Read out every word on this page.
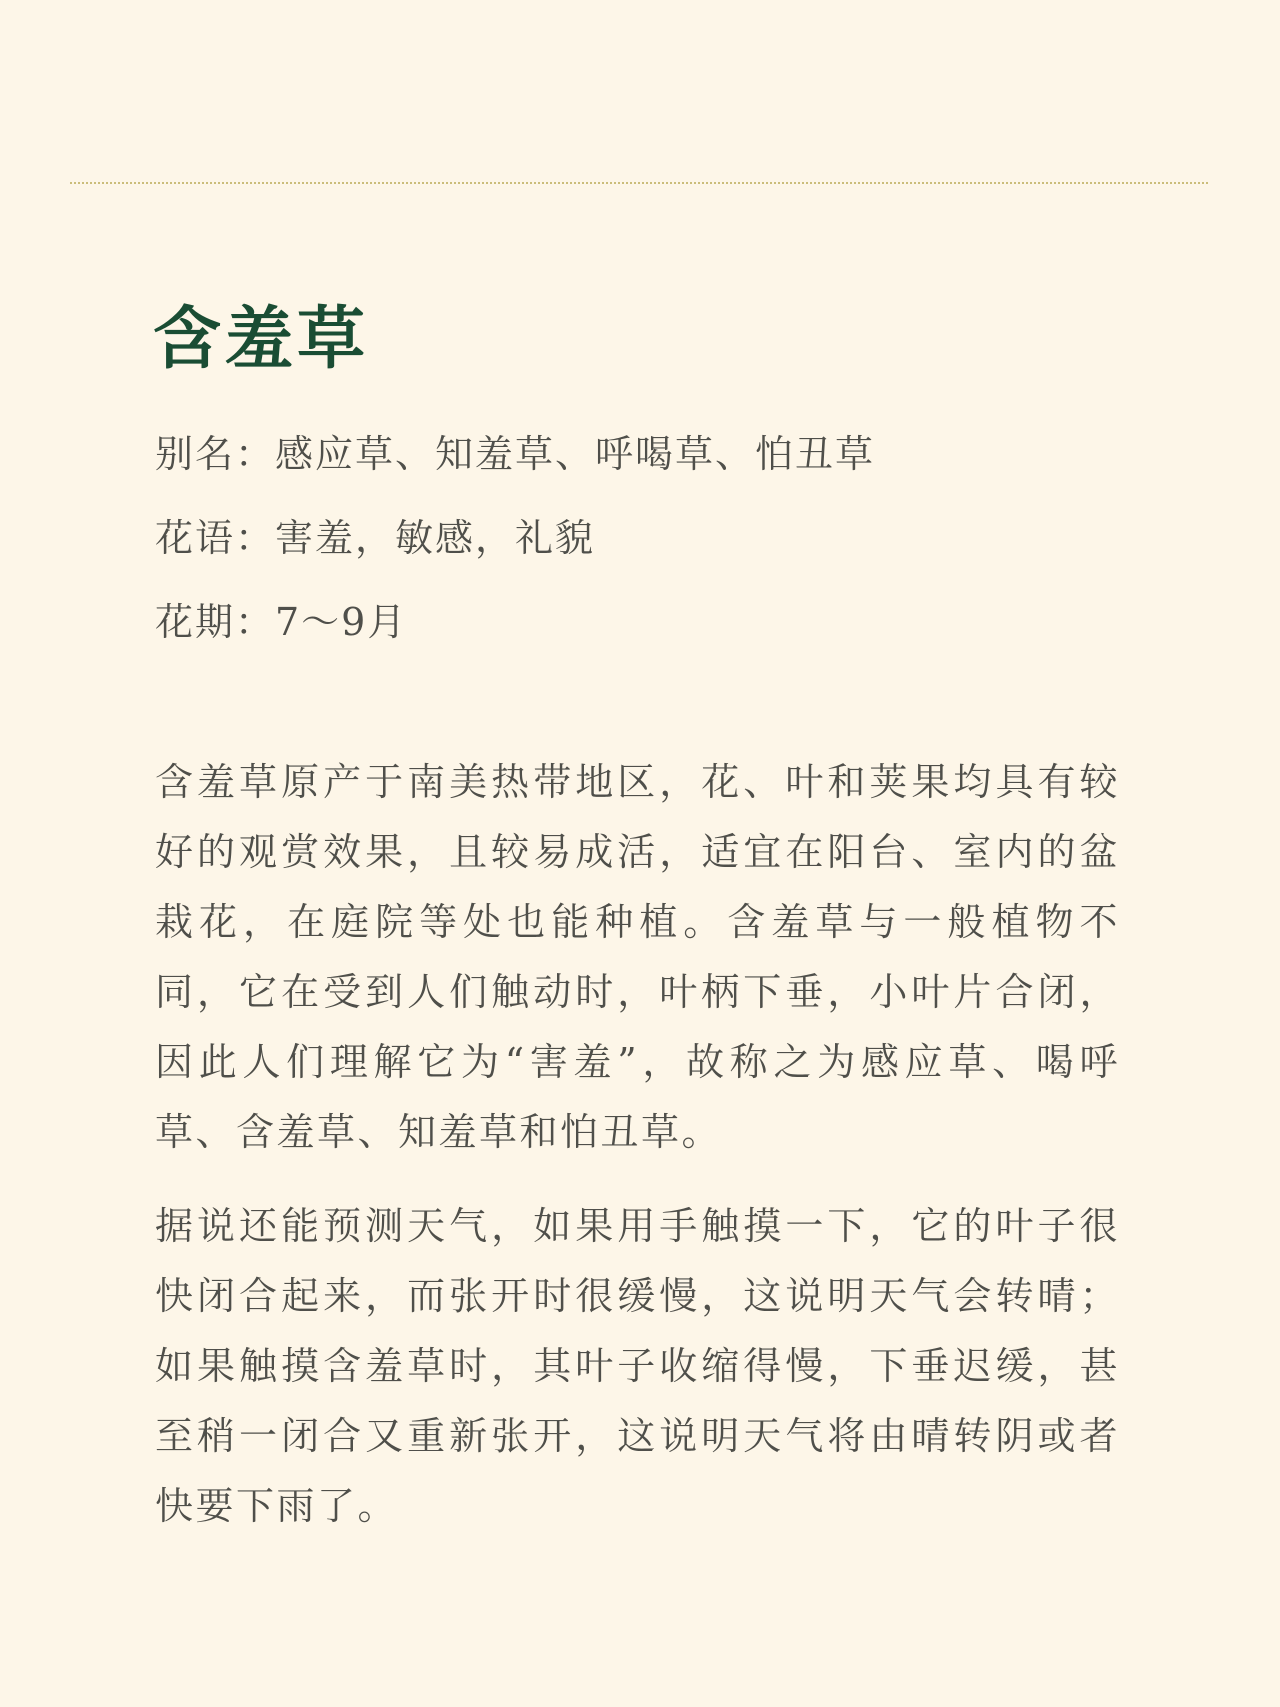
含羞草
别名：感应草、知羞草、呼喝草、怕丑草
花语：害羞，敏感，礼貌
花期：7～9月

含羞草原产于南美热带地区，花、叶和荚果均具有较好的观赏效果，且较易成活，适宜在阳台、室内的盆栽花，在庭院等处也能种植。含羞草与一般植物不同，它在受到人们触动时，叶柄下垂，小叶片合闭，因此人们理解它为“害羞”，故称之为感应草、喝呼草、含羞草、知羞草和怕丑草。

据说还能预测天气，如果用手触摸一下，它的叶子很快闭合起来，而张开时很缓慢，这说明天气会转晴；如果触摸含羞草时，其叶子收缩得慢，下垂迟缓，甚至稍一闭合又重新张开，这说明天气将由晴转阴或者快要下雨了。
